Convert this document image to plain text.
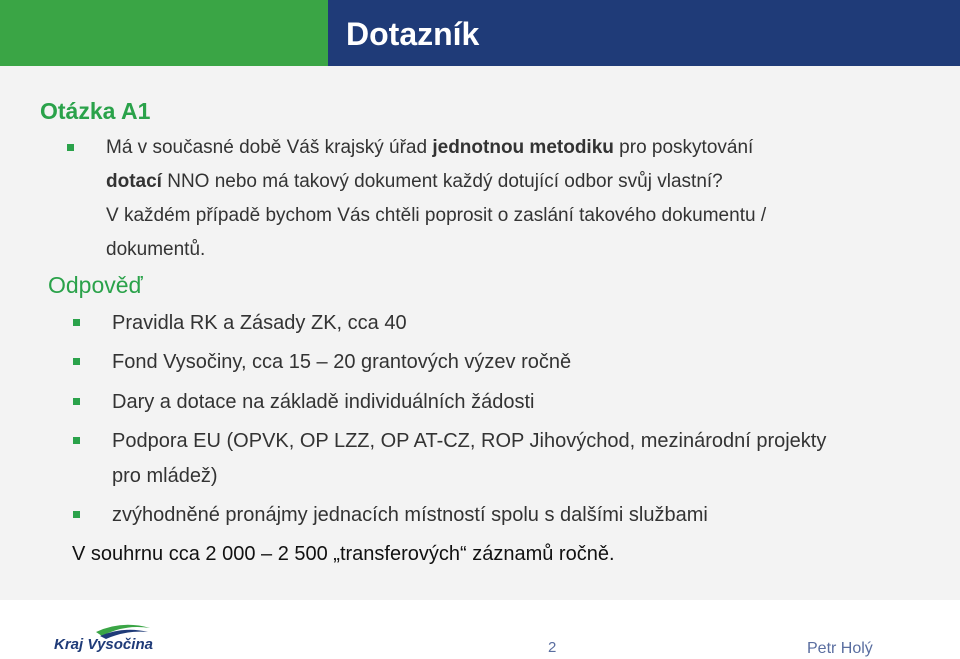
Dotazník
Otázka A1
Má v současné době Váš krajský úřad jednotnou metodiku pro poskytování
dotací NNO nebo má takový dokument každý dotující odbor svůj vlastní?
V každém případě bychom Vás chtěli poprosit o zaslání takového dokumentu /
dokumentů.
Odpověď
Pravidla RK a Zásady ZK, cca 40
Fond Vysočiny, cca 15 – 20 grantových výzev ročně
Dary a dotace na základě individuálních žádosti
Podpora EU (OPVK, OP LZZ, OP AT-CZ, ROP Jihovýchod, mezinárodní projekty
pro mládež)
zvýhodněné pronájmy jednacích místností spolu s dalšími službami
V souhrnu cca 2 000 – 2 500 „transferových“ záznamů ročně.
Kraj Vysočina	2	Petr Holý
